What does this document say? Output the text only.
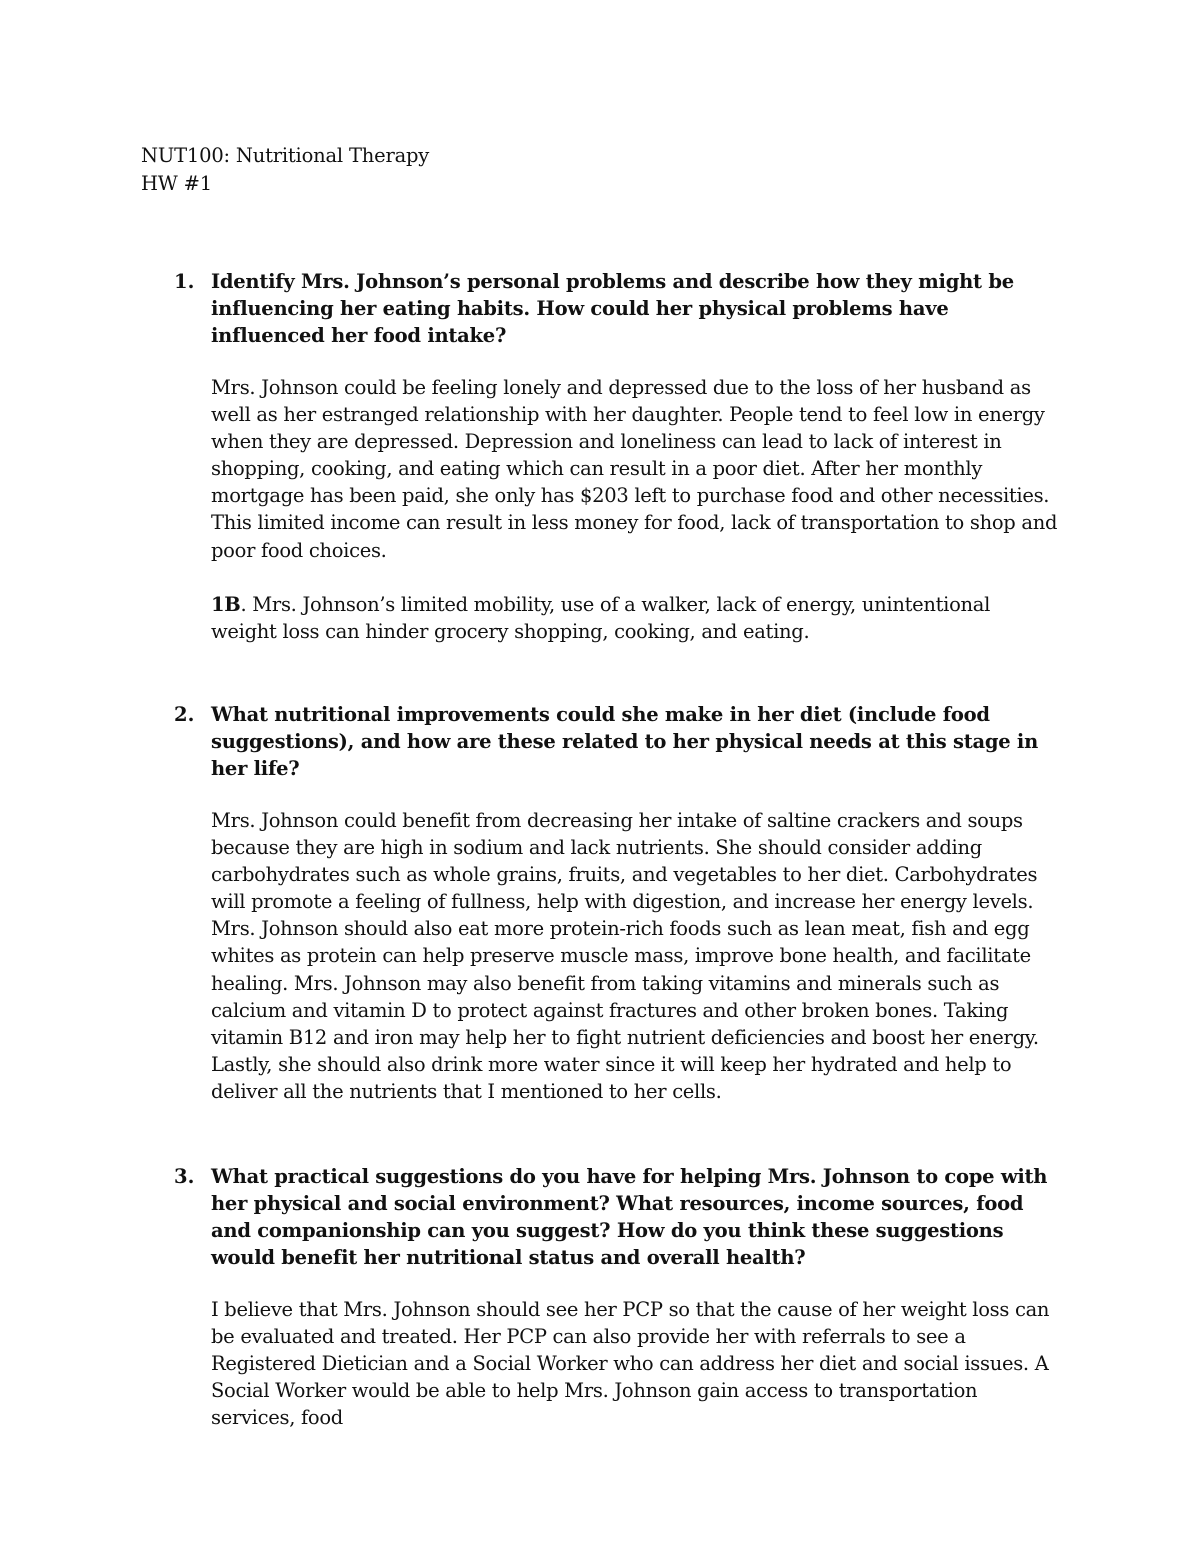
NUT100: Nutritional Therapy
HW #1
1. Identify Mrs. Johnson’s personal problems and describe how they might be influencing her eating habits. How could her physical problems have influenced her food intake?
Mrs. Johnson could be feeling lonely and depressed due to the loss of her husband as well as her estranged relationship with her daughter. People tend to feel low in energy when they are depressed. Depression and loneliness can lead to lack of interest in shopping, cooking, and eating which can result in a poor diet. After her monthly mortgage has been paid, she only has $203 left to purchase food and other necessities. This limited income can result in less money for food, lack of transportation to shop and poor food choices.
1B. Mrs. Johnson’s limited mobility, use of a walker, lack of energy, unintentional weight loss can hinder grocery shopping, cooking, and eating.
2. What nutritional improvements could she make in her diet (include food suggestions), and how are these related to her physical needs at this stage in her life?
Mrs. Johnson could benefit from decreasing her intake of saltine crackers and soups because they are high in sodium and lack nutrients. She should consider adding carbohydrates such as whole grains, fruits, and vegetables to her diet. Carbohydrates will promote a feeling of fullness, help with digestion, and increase her energy levels. Mrs. Johnson should also eat more protein-rich foods such as lean meat, fish and egg whites as protein can help preserve muscle mass, improve bone health, and facilitate healing. Mrs. Johnson may also benefit from taking vitamins and minerals such as calcium and vitamin D to protect against fractures and other broken bones. Taking vitamin B12 and iron may help her to fight nutrient deficiencies and boost her energy. Lastly, she should also drink more water since it will keep her hydrated and help to deliver all the nutrients that I mentioned to her cells.
3. What practical suggestions do you have for helping Mrs. Johnson to cope with her physical and social environment? What resources, income sources, food and companionship can you suggest? How do you think these suggestions would benefit her nutritional status and overall health?
I believe that Mrs. Johnson should see her PCP so that the cause of her weight loss can be evaluated and treated. Her PCP can also provide her with referrals to see a Registered Dietician and a Social Worker who can address her diet and social issues. A Social Worker would be able to help Mrs. Johnson gain access to transportation services, food
